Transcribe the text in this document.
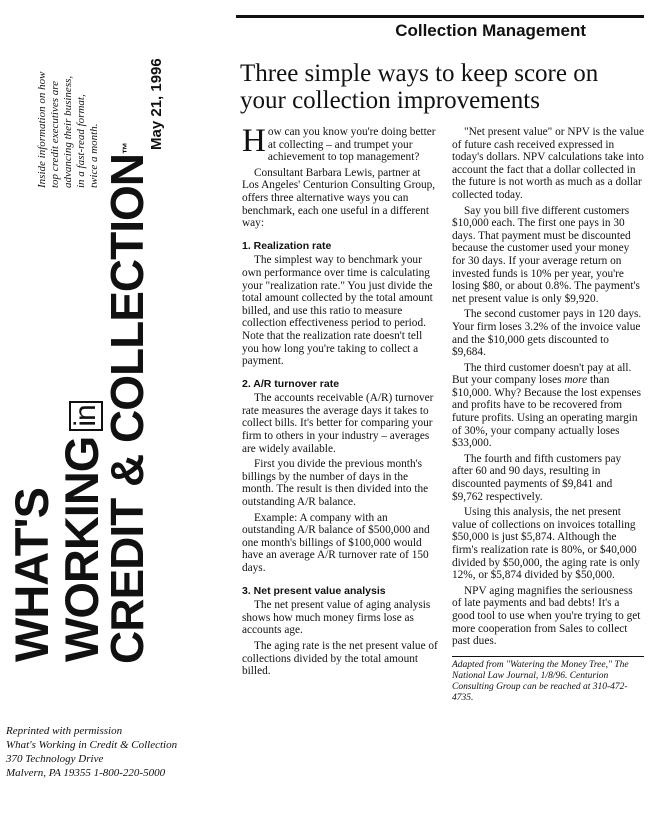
Inside information on how top credit executives are advancing their business, in a fast-read format, twice a month.
WHAT'S
WORKINGin CREDIT & COLLECTION™ May 21, 1996
Reprinted with permission
What's Working in Credit & Collection
370 Technology Drive
Malvern, PA 19355 1-800-220-5000
Collection Management
Three simple ways to keep score on your collection improvements

How can you know you're doing better at collecting – and trumpet your achievement to top management?

Consultant Barbara Lewis, partner at Los Angeles' Centurion Consulting Group, offers three alternative ways you can benchmark, each one useful in a different way:

1. Realization rate

The simplest way to benchmark your own performance over time is calculating your "realization rate." You just divide the total amount collected by the total amount billed, and use this ratio to measure collection effectiveness period to period. Note that the realization rate doesn't tell you how long you're taking to collect a payment.

2. A/R turnover rate

The accounts receivable (A/R) turnover rate measures the average days it takes to collect bills. It's better for comparing your firm to others in your industry – averages are widely available.

First you divide the previous month's billings by the number of days in the month. The result is then divided into the outstanding A/R balance.

Example: A company with an outstanding A/R balance of $500,000 and one month's billings of $100,000 would have an average A/R turnover rate of 150 days.

3. Net present value analysis

The net present value of aging analysis shows how much money firms lose as accounts age.

The aging rate is the net present value of collections divided by the total amount billed.

"Net present value" or NPV is the value of future cash received expressed in today's dollars. NPV calculations take into account the fact that a dollar collected in the future is not worth as much as a dollar collected today.

Say you bill five different customers $10,000 each. The first one pays in 30 days. That payment must be discounted because the customer used your money for 30 days. If your average return on invested funds is 10% per year, you're losing $80, or about 0.8%. The payment's net present value is only $9,920.

The second customer pays in 120 days. Your firm loses 3.2% of the invoice value and the $10,000 gets discounted to $9,684.

The third customer doesn't pay at all. But your company loses more than $10,000. Why? Because the lost expenses and profits have to be recovered from future profits. Using an operating margin of 30%, your company actually loses $33,000.

The fourth and fifth customers pay after 60 and 90 days, resulting in discounted payments of $9,841 and $9,762 respectively.

Using this analysis, the net present value of collections on invoices totalling $50,000 is just $5,874. Although the firm's realization rate is 80%, or $40,000 divided by $50,000, the aging rate is only 12%, or $5,874 divided by $50,000.

NPV aging magnifies the seriousness of late payments and bad debts! It's a good tool to use when you're trying to get more cooperation from Sales to collect past dues.

Adapted from "Watering the Money Tree," The National Law Journal, 1/8/96. Centurion Consulting Group can be reached at 310-472-4735.
